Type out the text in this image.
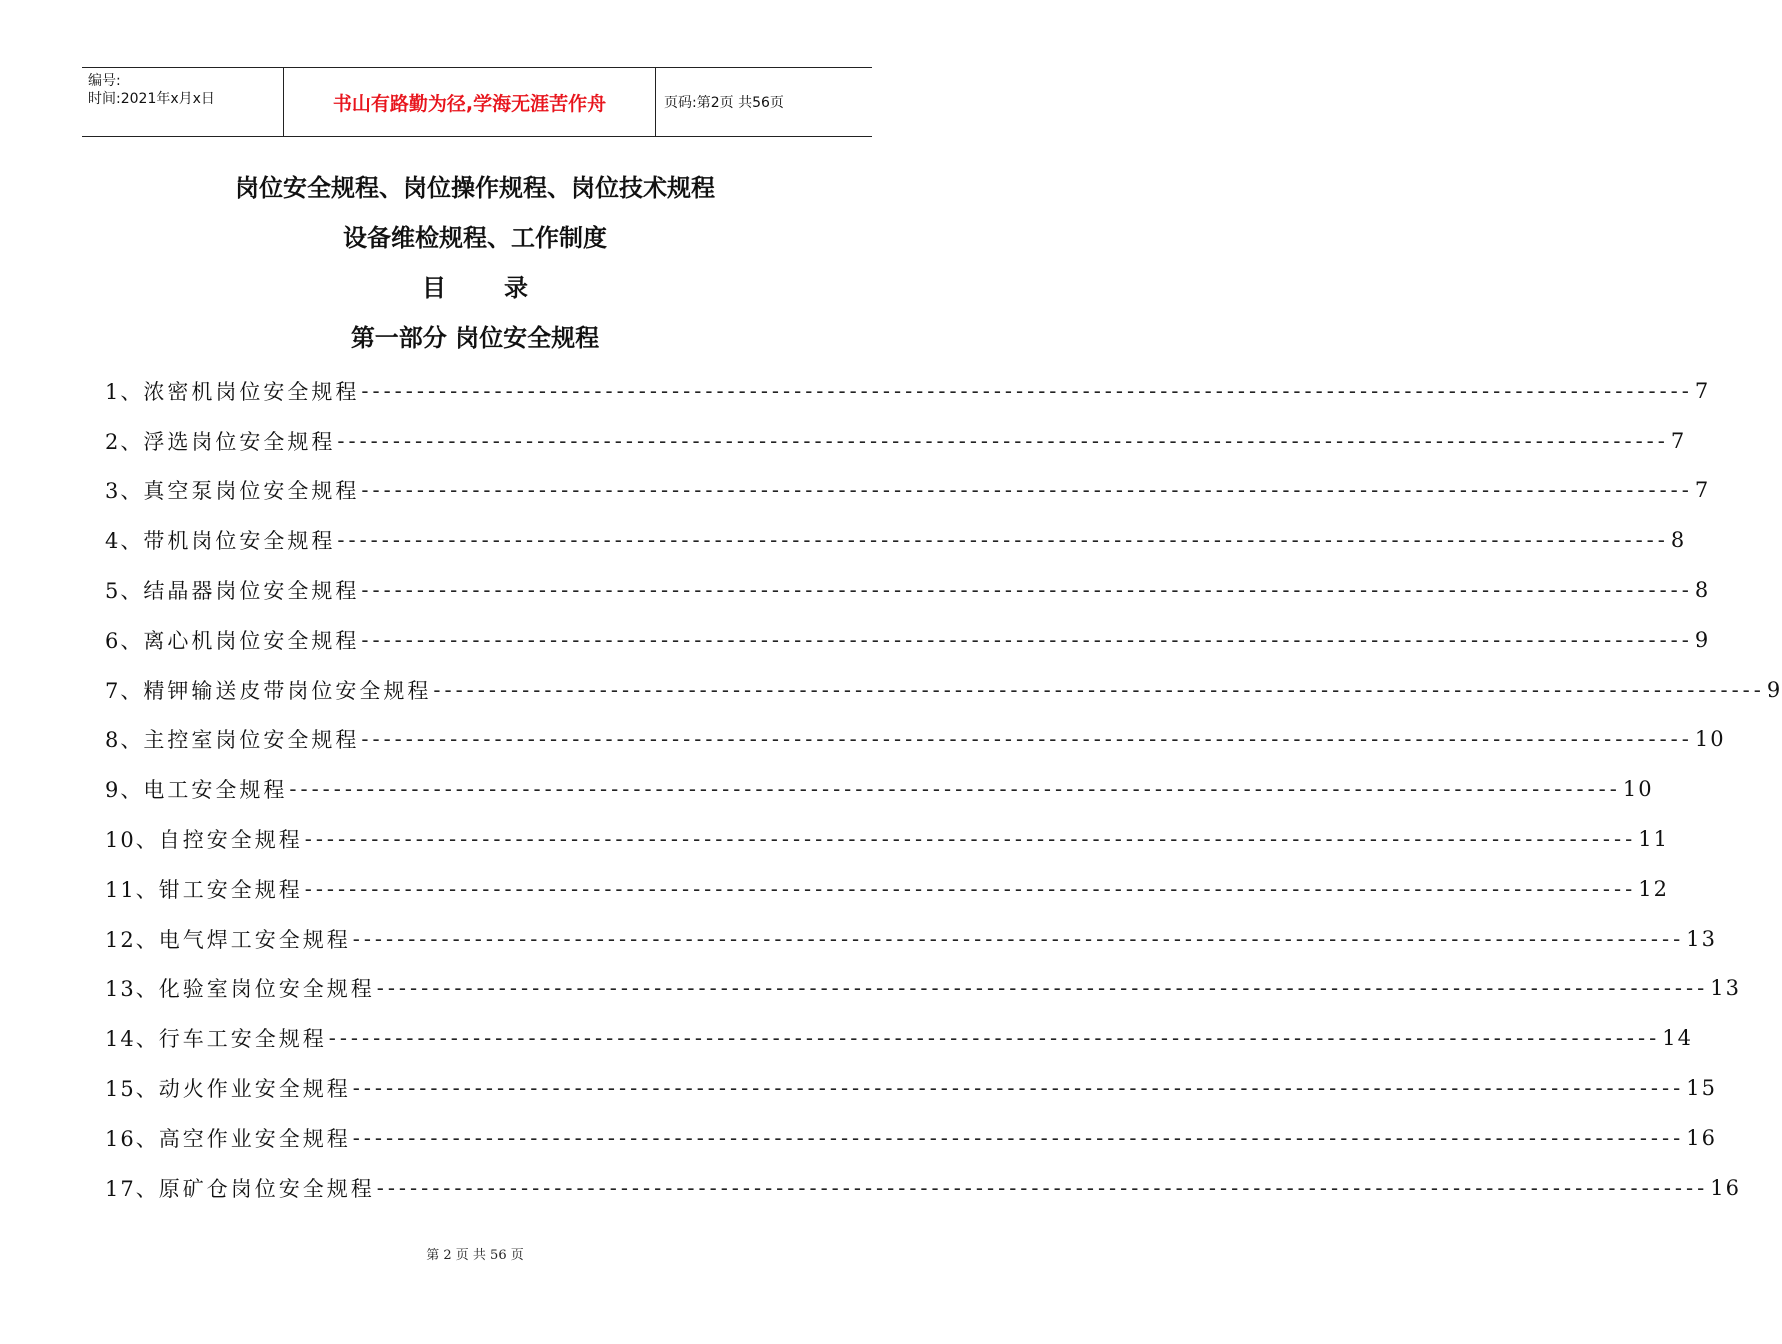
编号:
时间:2021年x月x日	书山有路勤为径,学海无涯苦作舟	页码:第2页 共56页
岗位安全规程、岗位操作规程、岗位技术规程
设备维检规程、工作制度
目录
第一部分 岗位安全规程
1、 浓密机岗位安全规程 ------------------------------------------------------------------------------------------------------------------------ 7
2、 浮选岗位安全规程 ------------------------------------------------------------------------------------------------------------------------ 7
3、 真空泵岗位安全规程 ------------------------------------------------------------------------------------------------------------------------ 7
4、 带机岗位安全规程 ------------------------------------------------------------------------------------------------------------------------ 8
5、 结晶器岗位安全规程 ------------------------------------------------------------------------------------------------------------------------ 8
6、 离心机岗位安全规程 ------------------------------------------------------------------------------------------------------------------------ 9
7、 精钾输送皮带岗位安全规程 ------------------------------------------------------------------------------------------------------------------------ 9
8、 主控室岗位安全规程 ------------------------------------------------------------------------------------------------------------------------ 10
9、 电工安全规程 ------------------------------------------------------------------------------------------------------------------------ 10
10、 自控安全规程 ------------------------------------------------------------------------------------------------------------------------ 11
11、 钳工安全规程 ------------------------------------------------------------------------------------------------------------------------ 12
12、 电气焊工安全规程 ------------------------------------------------------------------------------------------------------------------------ 13
13、 化验室岗位安全规程 ------------------------------------------------------------------------------------------------------------------------ 13
14、 行车工安全规程 ------------------------------------------------------------------------------------------------------------------------ 14
15、 动火作业安全规程 ------------------------------------------------------------------------------------------------------------------------ 15
16、 高空作业安全规程 ------------------------------------------------------------------------------------------------------------------------ 16
17、 原矿仓岗位安全规程 ------------------------------------------------------------------------------------------------------------------------ 16
第 2 页 共 56 页
